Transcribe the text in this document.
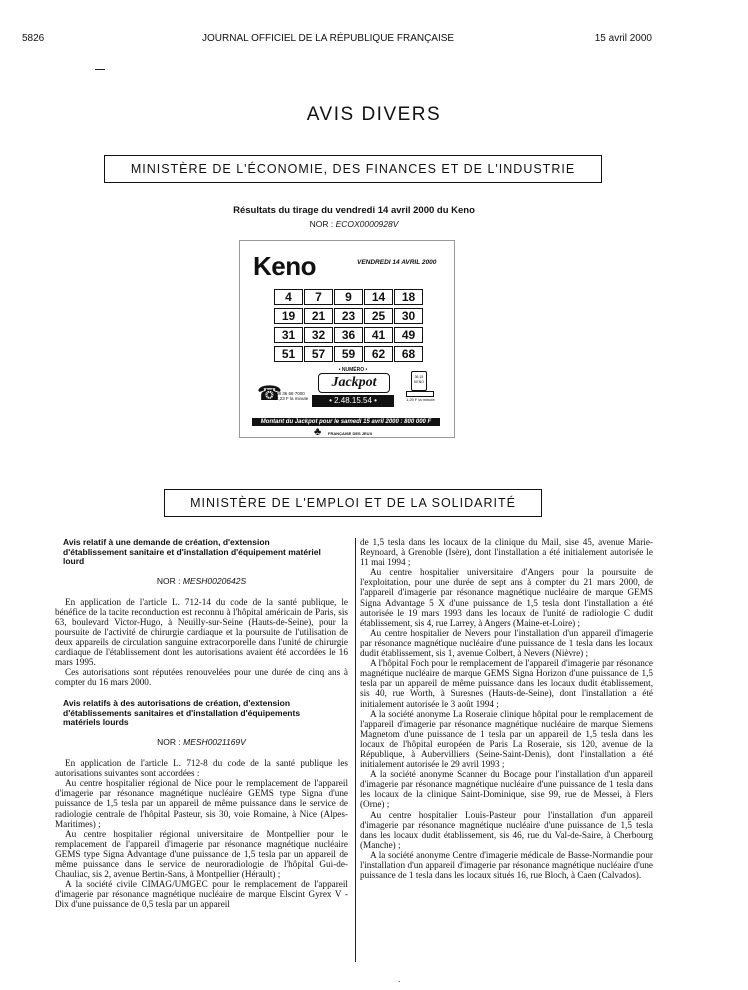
5826	JOURNAL OFFICIEL DE LA RÉPUBLIQUE FRANÇAISE	15 avril 2000
AVIS DIVERS
MINISTÈRE DE L'ÉCONOMIE, DES FINANCES ET DE L'INDUSTRIE
Résultats du tirage du vendredi 14 avril 2000 du Keno
NOR : ECOX0000928V
Keno	VENDREDI 14 AVRIL 2000
4	7	9	14	18
19	21	23	25	30
31	32	36	41	49
51	57	59	62	68
☎
08 36 68 7000
2,23 F la minute
• NUMÉRO •
Jackpot
• 2.48.15.54 •
36 15 KENO
1,29 F la minute
Montant du Jackpot pour le samedi 15 avril 2000 : 800 000 F
♣ FRANÇAISE DES JEUX
MINISTÈRE DE L'EMPLOI ET DE LA SOLIDARITÉ
Avis relatif à une demande de création, d'extension d'établissement sanitaire et d'installation d'équipement matériel lourd
NOR : MESH0020642S

En application de l'article L. 712-14 du code de la santé publique, le bénéfice de la tacite reconduction est reconnu à l'hôpital américain de Paris, sis 63, boulevard Victor-Hugo, à Neuilly-sur-Seine (Hauts-de-Seine), pour la poursuite de l'activité de chirurgie cardiaque et la poursuite de l'utilisation de deux appareils de circulation sanguine extracorporelle dans l'unité de chirurgie cardiaque de l'établissement dont les autorisations avaient été accordées le 16 mars 1995.

Ces autorisations sont réputées renouvelées pour une durée de cinq ans à compter du 16 mars 2000.

Avis relatifs à des autorisations de création, d'extension d'établissements sanitaires et d'installation d'équipements matériels lourds
NOR : MESH0021169V

En application de l'article L. 712-8 du code de la santé publique les autorisations suivantes sont accordées :

Au centre hospitalier régional de Nice pour le remplacement de l'appareil d'imagerie par résonance magnétique nucléaire GEMS type Signa d'une puissance de 1,5 tesla par un appareil de même puissance dans le service de radiologie centrale de l'hôpital Pasteur, sis 30, voie Romaine, à Nice (Alpes-Maritimes) ;

Au centre hospitalier régional universitaire de Montpellier pour le remplacement de l'appareil d'imagerie par résonance magnétique nucléaire GEMS type Signa Advantage d'une puissance de 1,5 tesla par un appareil de même puissance dans le service de neuroradiologie de l'hôpital Gui-de-Chauliac, sis 2, avenue Bertin-Sans, à Montpellier (Hérault) ;

A la société civile CIMAG/UMGEC pour le remplacement de l'appareil d'imagerie par résonance magnétique nucléaire de marque Elscint Gyrex V - Dix d'une puissance de 0,5 tesla par un appareil

de 1,5 tesla dans les locaux de la clinique du Mail, sise 45, avenue Marie-Reynoard, à Grenoble (Isère), dont l'installation a été initialement autorisée le 11 mai 1994 ;

Au centre hospitalier universitaire d'Angers pour la poursuite de l'exploitation, pour une durée de sept ans à compter du 21 mars 2000, de l'appareil d'imagerie par résonance magnétique nucléaire de marque GEMS Signa Advantage 5 X d'une puissance de 1,5 tesla dont l'installation a été autorisée le 19 mars 1993 dans les locaux de l'unité de radiologie C dudit établissement, sis 4, rue Larrey, à Angers (Maine-et-Loire) ;

Au centre hospitalier de Nevers pour l'installation d'un appareil d'imagerie par résonance magnétique nucléaire d'une puissance de 1 tesla dans les locaux dudit établissement, sis 1, avenue Colbert, à Nevers (Nièvre) ;

A l'hôpital Foch pour le remplacement de l'appareil d'imagerie par résonance magnétique nucléaire de marque GEMS Signa Horizon d'une puissance de 1,5 tesla par un appareil de même puissance dans les locaux dudit établissement, sis 40, rue Worth, à Suresnes (Hauts-de-Seine), dont l'installation a été initialement autorisée le 3 août 1994 ;

A la société anonyme La Roseraie clinique hôpital pour le remplacement de l'appareil d'imagerie par résonance magnétique nucléaire de marque Siemens Magnetom d'une puissance de 1 tesla par un appareil de 1,5 tesla dans les locaux de l'hôpital européen de Paris La Roseraie, sis 120, avenue de la République, à Aubervilliers (Seine-Saint-Denis), dont l'installation a été initialement autorisée le 29 avril 1993 ;

A la société anonyme Scanner du Bocage pour l'installation d'un appareil d'imagerie par résonance magnétique nucléaire d'une puissance de 1 tesla dans les locaux de la clinique Saint-Dominique, sise 99, rue de Messei, à Flers (Orne) ;

Au centre hospitalier Louis-Pasteur pour l'installation d'un appareil d'imagerie par résonance magnétique nucléaire d'une puissance de 1,5 tesla dans les locaux dudit établissement, sis 46, rue du Val-de-Saire, à Cherbourg (Manche) ;

A la société anonyme Centre d'imagerie médicale de Basse-Normandie pour l'installation d'un appareil d'imagerie par résonance magnétique nucléaire d'une puissance de 1 tesla dans les locaux situés 16, rue Bloch, à Caen (Calvados).

.
